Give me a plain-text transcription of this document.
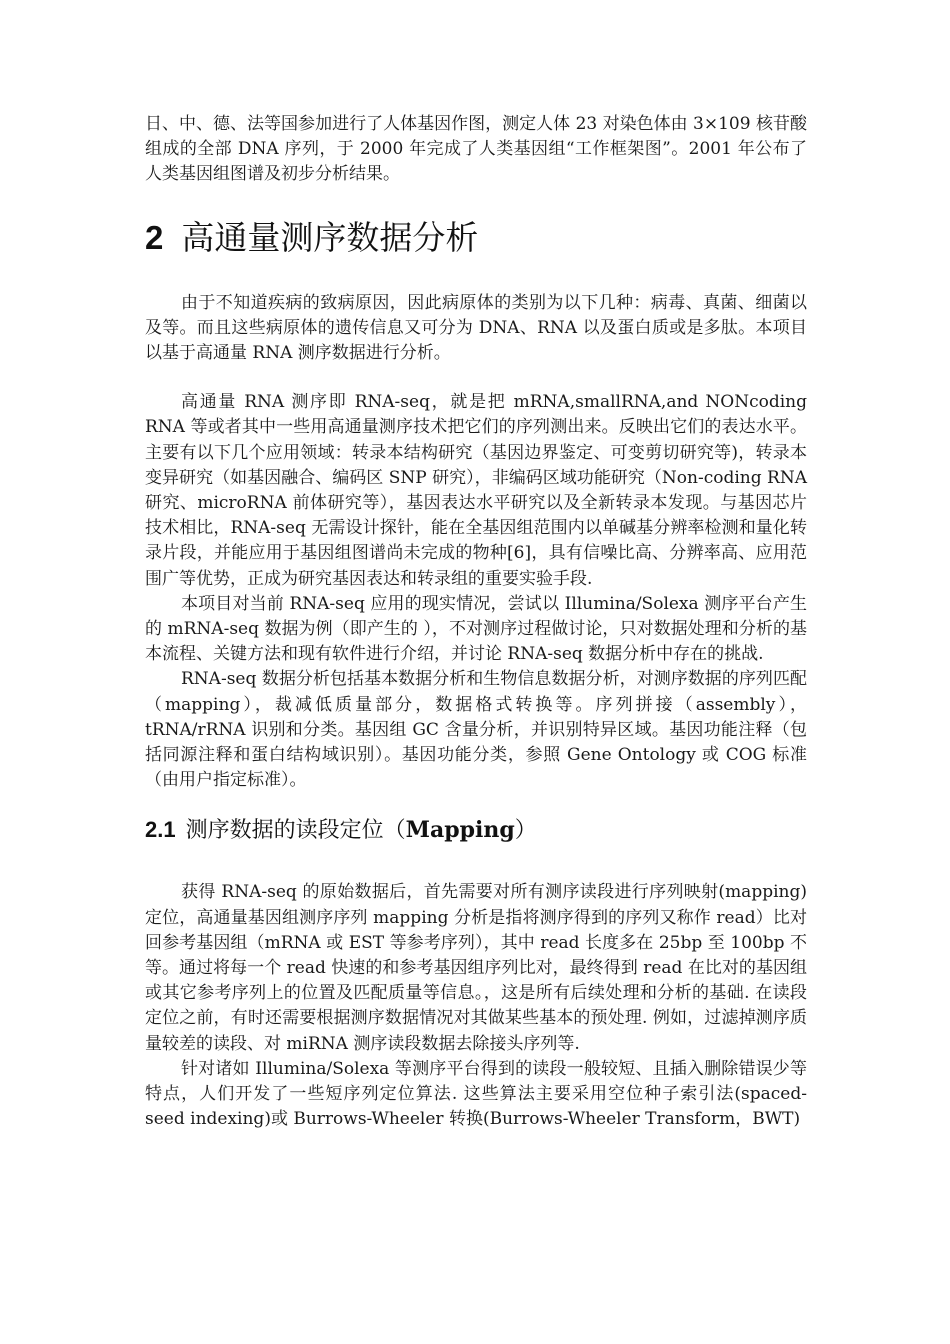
日、中、德、法等国参加进行了人体基因作图，测定人体 23 对染色体由 3×109 核苷酸组成的全部 DNA 序列，于 2000 年完成了人类基因组“工作框架图”。2001 年公布了人类基因组图谱及初步分析结果。

2 高通量测序数据分析

由于不知道疾病的致病原因，因此病原体的类别为以下几种：病毒、真菌、细菌以及等。而且这些病原体的遗传信息又可分为 DNA、RNA 以及蛋白质或是多肽。本项目以基于高通量 RNA 测序数据进行分析。

高通量 RNA 测序即 RNA-seq，就是把 mRNA,smallRNA,and NONcoding RNA 等或者其中一些用高通量测序技术把它们的序列测出来。反映出它们的表达水平。主要有以下几个应用领域：转录本结构研究（基因边界鉴定、可变剪切研究等)，转录本变异研究（如基因融合、编码区 SNP 研究），非编码区域功能研究（Non-coding RNA 研究、microRNA 前体研究等），基因表达水平研究以及全新转录本发现。与基因芯片技术相比，RNA-seq 无需设计探针，能在全基因组范围内以单碱基分辨率检测和量化转录片段，并能应用于基因组图谱尚未完成的物种[6]，具有信噪比高、分辨率高、应用范围广等优势，正成为研究基因表达和转录组的重要实验手段.

本项目对当前 RNA-seq 应用的现实情况，尝试以 Illumina/Solexa 测序平台产生的 mRNA-seq 数据为例（即产生的 ），不对测序过程做讨论，只对数据处理和分析的基本流程、关键方法和现有软件进行介绍，并讨论 RNA-seq 数据分析中存在的挑战.

RNA-seq 数据分析包括基本数据分析和生物信息数据分析，对测序数据的序列匹配（mapping），裁减低质量部分，数据格式转换等。序列拼接（assembly），tRNA/rRNA 识别和分类。基因组 GC 含量分析，并识别特异区域。基因功能注释（包括同源注释和蛋白结构域识别）。基因功能分类，参照 Gene Ontology 或 COG 标准（由用户指定标准）。

2.1 测序数据的读段定位（Mapping）

获得 RNA-seq 的原始数据后，首先需要对所有测序读段进行序列映射(mapping)定位，高通量基因组测序序列 mapping 分析是指将测序得到的序列又称作 read）比对回参考基因组（mRNA 或 EST 等参考序列），其中 read 长度多在 25bp 至 100bp 不等。通过将每一个 read 快速的和参考基因组序列比对，最终得到 read 在比对的基因组或其它参考序列上的位置及匹配质量等信息。，这是所有后续处理和分析的基础. 在读段定位之前，有时还需要根据测序数据情况对其做某些基本的预处理. 例如，过滤掉测序质量较差的读段、对 miRNA 测序读段数据去除接头序列等.

针对诸如 Illumina/Solexa 等测序平台得到的读段一般较短、且插入删除错误少等特点，人们开发了一些短序列定位算法. 这些算法主要采用空位种子索引法(spaced-seed indexing)或 Burrows-Wheeler 转换(Burrows-Wheeler Transform，BWT)
